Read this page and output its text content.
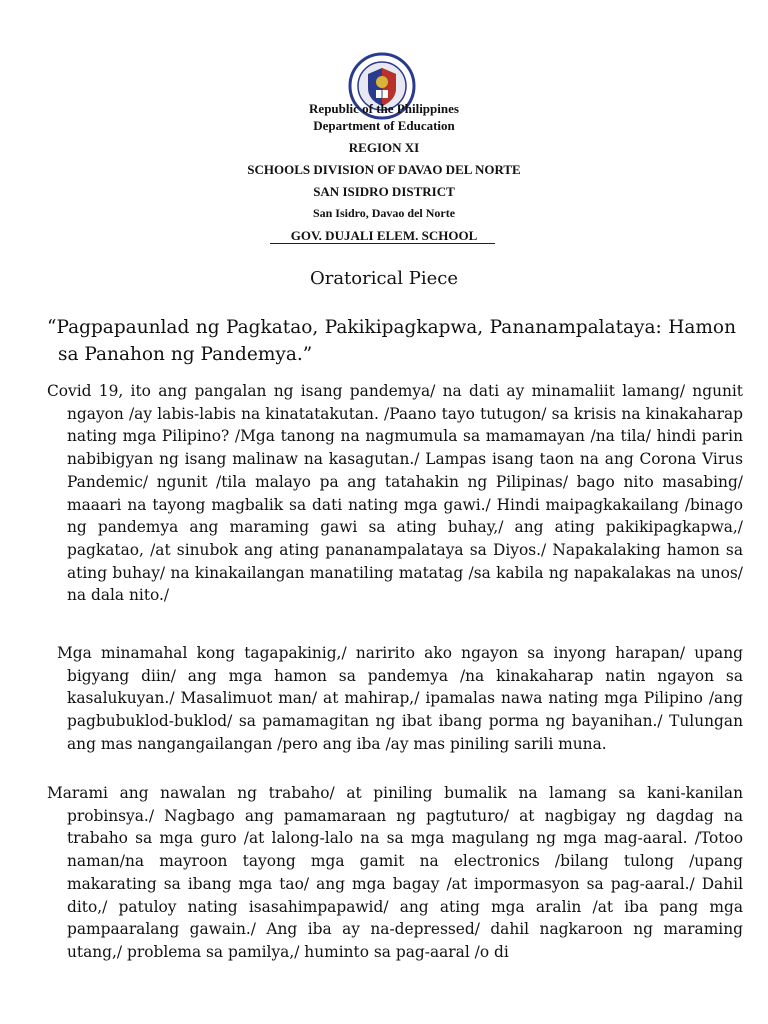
Republic of the Philippines
Department of Education
REGION XI
SCHOOLS DIVISION OF DAVAO DEL NORTE
SAN ISIDRO DISTRICT
San Isidro, Davao del Norte
GOV. DUJALI ELEM. SCHOOL
Oratorical Piece
“Pagpapaunlad ng Pagkatao, Pakikipagkapwa, Pananampalataya: Hamon sa Panahon ng Pandemya.”

Covid 19, ito ang pangalan ng isang pandemya/ na dati ay minamaliit lamang/ ngunit ngayon /ay labis-labis na kinatatakutan. /Paano tayo tutugon/ sa krisis na kinakaharap nating mga Pilipino? /Mga tanong na nagmumula sa mamamayan /na tila/ hindi parin nabibigyan ng isang malinaw na kasagutan./ Lampas isang taon na ang Corona Virus Pandemic/ ngunit /tila malayo pa ang tatahakin ng Pilipinas/ bago nito masabing/ maaari na tayong magbalik sa dati nating mga gawi./ Hindi maipagkakailang /binago ng pandemya ang maraming gawi sa ating buhay,/ ang ating pakikipagkapwa,/ pagkatao, /at sinubok ang ating pananampalataya sa Diyos./ Napakalaking hamon sa ating buhay/ na kinakailangan manatiling matatag /sa kabila ng napakalakas na unos/ na dala nito./

Mga minamahal kong tagapakinig,/ naririto ako ngayon sa inyong harapan/ upang bigyang diin/ ang mga hamon sa pandemya /na kinakaharap natin ngayon sa kasalukuyan./ Masalimuot man/ at mahirap,/ ipamalas nawa nating mga Pilipino /ang pagbubuklod-buklod/ sa pamamagitan ng ibat ibang porma ng bayanihan./ Tulungan ang mas nangangailangan /pero ang iba /ay mas piniling sarili muna.

Marami ang nawalan ng trabaho/ at piniling bumalik na lamang sa kani-kanilan probinsya./ Nagbago ang pamamaraan ng pagtuturo/ at nagbigay ng dagdag na trabaho sa mga guro /at lalong-lalo na sa mga magulang ng mga mag-aaral. /Totoo naman/na mayroon tayong mga gamit na electronics /bilang tulong /upang makarating sa ibang mga tao/ ang mga bagay /at impormasyon sa pag-aaral./ Dahil dito,/ patuloy nating isasahimpapawid/ ang ating mga aralin /at iba pang mga pampaaralang gawain./ Ang iba ay na-depressed/ dahil nagkaroon ng maraming utang,/ problema sa pamilya,/ huminto sa pag-aaral /o di
